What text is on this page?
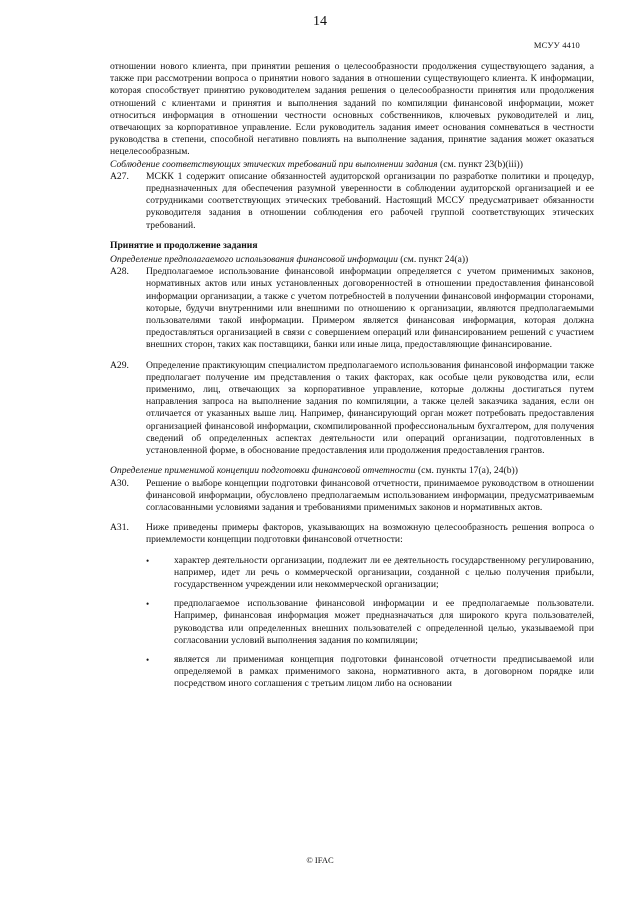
14
МСУУ 4410

отношении нового клиента, при принятии решения о целесообразности продолжения существующего задания, а также при рассмотрении вопроса о принятии нового задания в отношении существующего клиента. К информации, которая способствует принятию руководителем задания решения о целесообразности принятия или продолжения отношений с клиентами и принятия и выполнения заданий по компиляции финансовой информации, может относиться информация в отношении честности основных собственников, ключевых руководителей и лиц, отвечающих за корпоративное управление. Если руководитель задания имеет основания сомневаться в честности руководства в степени, способной негативно повлиять на выполнение задания, принятие задания может оказаться нецелесообразным.

Соблюдение соответствующих этических требований при выполнении задания (см. пункт 23(b)(iii))

A27.	МСКК 1 содержит описание обязанностей аудиторской организации по разработке политики и процедур, предназначенных для обеспечения разумной уверенности в соблюдении аудиторской организацией и ее сотрудниками соответствующих этических требований. Настоящий МССУ предусматривает обязанности руководителя задания в отношении соблюдения его рабочей группой соответствующих этических требований.

Принятие и продолжение задания

Определение предполагаемого использования финансовой информации (см. пункт 24(a))

A28.	Предполагаемое использование финансовой информации определяется с учетом применимых законов, нормативных актов или иных установленных договоренностей в отношении предоставления финансовой информации организации, а также с учетом потребностей в получении финансовой информации сторонами, которые, будучи внутренними или внешними по отношению к организации, являются предполагаемыми пользователями такой информации. Примером является финансовая информация, которая должна предоставляться организацией в связи с совершением операций или финансированием решений с участием внешних сторон, таких как поставщики, банки или иные лица, предоставляющие финансирование.
A29.	Определение практикующим специалистом предполагаемого использования финансовой информации также предполагает получение им представления о таких факторах, как особые цели руководства или, если применимо, лиц, отвечающих за корпоративное управление, которые должны достигаться путем направления запроса на выполнение задания по компиляции, а также целей заказчика задания, если он отличается от указанных выше лиц. Например, финансирующий орган может потребовать предоставления организацией финансовой информации, скомпилированной профессиональным бухгалтером, для получения сведений об определенных аспектах деятельности или операций организации, подготовленных в установленной форме, в обоснование предоставления или продолжения предоставления грантов.

Определение применимой концепции подготовки финансовой отчетности (см. пункты 17(a), 24(b))

A30.	Решение о выборе концепции подготовки финансовой отчетности, принимаемое руководством в отношении финансовой информации, обусловлено предполагаемым использованием информации, предусматриваемым согласованными условиями задания и требованиями применимых законов и нормативных актов.
A31.	Ниже приведены примеры факторов, указывающих на возможную целесообразность решения вопроса о приемлемости концепции подготовки финансовой отчетности:
•	характер деятельности организации, подлежит ли ее деятельность государственному регулированию, например, идет ли речь о коммерческой организации, созданной с целью получения прибыли, государственном учреждении или некоммерческой организации;
•	предполагаемое использование финансовой информации и ее предполагаемые пользователи. Например, финансовая информация может предназначаться для широкого круга пользователей, руководства или определенных внешних пользователей с определенной целью, указываемой при согласовании условий выполнения задания по компиляции;
•	является ли применимая концепция подготовки финансовой отчетности предписываемой или определяемой в рамках применимого закона, нормативного акта, в договорном порядке или посредством иного соглашения с третьим лицом либо на основании
© IFAC
